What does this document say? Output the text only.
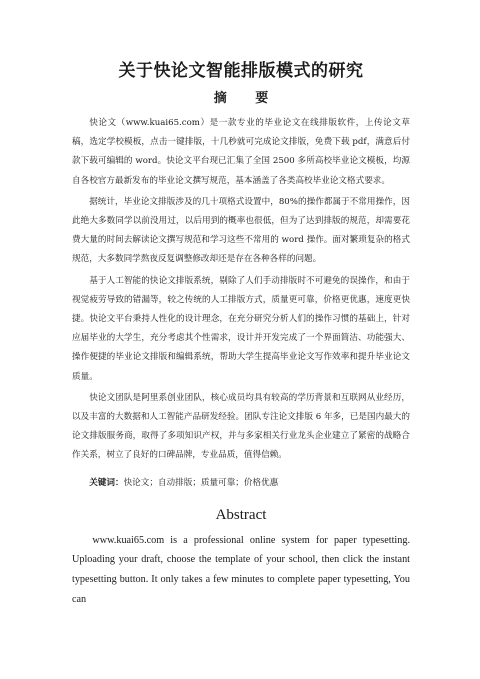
关于快论文智能排版模式的研究
摘 要

快论文（www.kuai65.com）是一款专业的毕业论文在线排版软件，上传论文草稿，选定学校模板，点击一键排版，十几秒就可完成论文排版，免费下载 pdf，满意后付款下载可编辑的 word。快论文平台现已汇集了全国 2500 多所高校毕业论文模板，均源自各校官方最新发布的毕业论文撰写规范，基本涵盖了各类高校毕业论文格式要求。

据统计，毕业论文排版涉及的几十项格式设置中，80%的操作都属于不常用操作，因此绝大多数同学以前没用过，以后用到的概率也很低，但为了达到排版的规范，却需要花费大量的时间去解读论文撰写规范和学习这些不常用的 word 操作。面对繁琐复杂的格式规范，大多数同学熬夜反复调整修改却还是存在各种各样的问题。

基于人工智能的快论文排版系统，剔除了人们手动排版时不可避免的误操作，和由于视觉疲劳导致的错漏等，较之传统的人工排版方式，质量更可靠，价格更优惠，速度更快捷。快论文平台秉持人性化的设计理念，在充分研究分析人们的操作习惯的基础上，针对应届毕业的大学生，充分考虑其个性需求，设计并开发完成了一个界面简洁、功能强大、操作便捷的毕业论文排版和编辑系统，帮助大学生提高毕业论文写作效率和提升毕业论文质量。

快论文团队是阿里系创业团队，核心成员均具有较高的学历背景和互联网从业经历，以及丰富的大数据和人工智能产品研发经验。团队专注论文排版 6 年多，已是国内最大的论文排版服务商，取得了多项知识产权，并与多家相关行业龙头企业建立了紧密的战略合作关系，树立了良好的口碑品牌，专业品质，值得信赖。

关键词：快论文；自动排版；质量可靠；价格优惠

Abstract

www.kuai65.com is a professional online system for paper typesetting. Uploading your draft, choose the template of your school, then click the instant typesetting button. It only takes a few minutes to complete paper typesetting, You can
